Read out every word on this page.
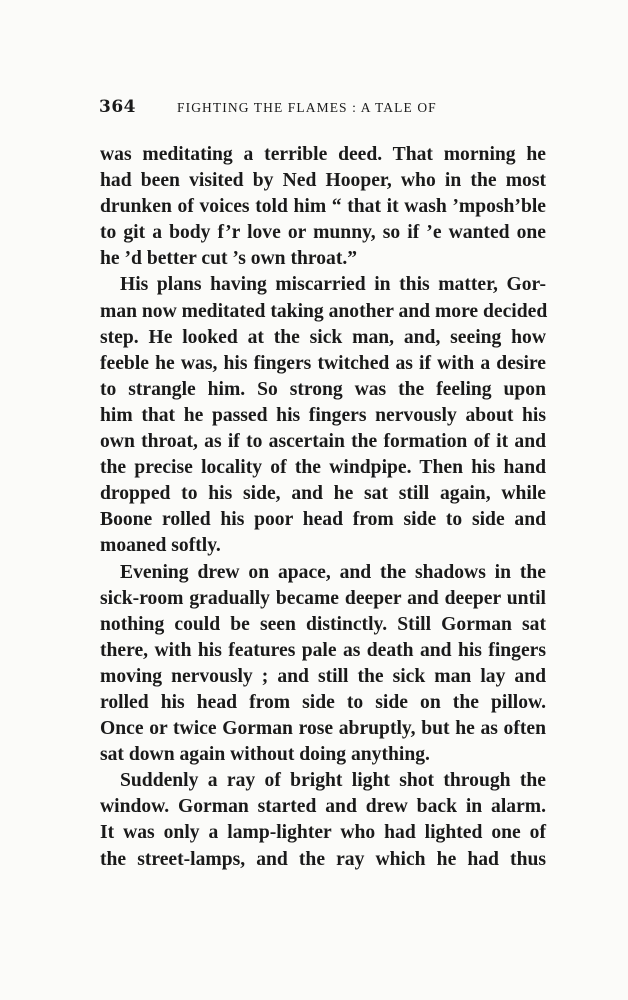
364	FIGHTING THE FLAMES : A TALE OF
was meditating a terrible deed. That morning he
had been visited by Ned Hooper, who in the most
drunken of voices told him “ that it wash ’mposh’ble
to git a body f’r love or munny, so if ’e wanted one
he ’d better cut ’s own throat.”
His plans having miscarried in this matter, Gor-
man now meditated taking another and more decided
step. He looked at the sick man, and, seeing how
feeble he was, his fingers twitched as if with a desire
to strangle him. So strong was the feeling upon
him that he passed his fingers nervously about his
own throat, as if to ascertain the formation of it and
the precise locality of the windpipe. Then his hand
dropped to his side, and he sat still again, while
Boone rolled his poor head from side to side and
moaned softly.
Evening drew on apace, and the shadows in the
sick-room gradually became deeper and deeper until
nothing could be seen distinctly. Still Gorman sat
there, with his features pale as death and his fingers
moving nervously ; and still the sick man lay and
rolled his head from side to side on the pillow.
Once or twice Gorman rose abruptly, but he as often
sat down again without doing anything.
Suddenly a ray of bright light shot through the
window. Gorman started and drew back in alarm.
It was only a lamp-lighter who had lighted one of
the street-lamps, and the ray which he had thus
